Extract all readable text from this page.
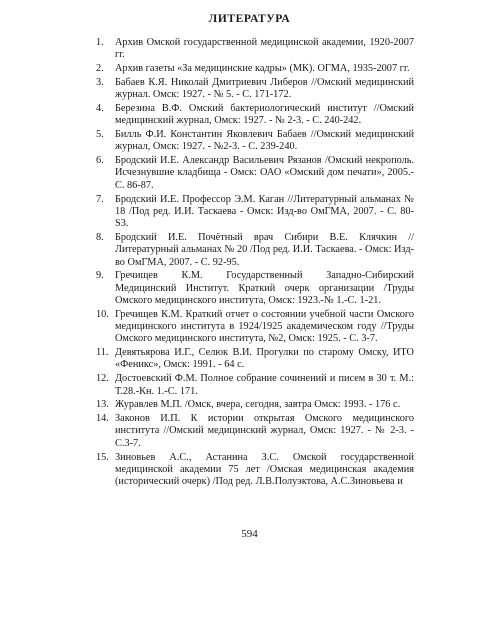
ЛИТЕРАТУРА
1.	Архив Омской государственной медицинской академии, 1920-2007 гг.
2.	Архив газеты «За медицинские кадры» (МК). ОГМА, 1935-2007 гг.
3.	Бабаев К.Я. Николай Дмитриевич Либеров //Омский медицинский журнал. Омск: 1927. - № 5. - С. 171-172.
4.	Березина В.Ф. Омский бактериологический институт //Омский медицинский журнал, Омск: 1927. - № 2-3. - С. 240-242.
5.	Билль Ф.И. Константин Яковлевич Бабаев //Омский медицинский журнал, Омск: 1927. - №2-3. - С. 239-240.
6.	Бродский И.Е. Александр Васильевич Рязанов /Омский некрополь. Исчезнувшие кладбища - Омск: ОАО «Омский дом печати», 2005.-С. 86-87.
7.	Бродский И.Е. Профессор Э.М. Каган //Литературный альманах № 18 /Под ред. И.И. Таскаева - Омск: Изд-во ОмГМА, 2007. - С. 80-S3.
8.	Бродский И.Е. Почётный врач Сибири В.Е. Клячкин //Литературный альманах № 20 /Под ред. И.И. Таскаева. - Омск: Изд-во ОмГМА, 2007. - С. 92-95.
9.	Гречищев К.М. Государственный Западно-Сибирский Медицинский Институт. Краткий очерк организации /Труды Омского медицинского института, Омск: 1923.-№ 1.-С. 1-21.
10. Гречищев К.М. Краткий отчет о состоянии учебной части Омского медицинского института в 1924/1925 академическом году //Труды Омского медицинского института, №2, Омск: 1925. - С. 3-7.
11. Девятьярова И.Г., Селюк В.И. Прогулки по старому Омску, ИТО «Феникс», Омск: 1991. - 64 с.
12. Достоевский Ф.М. Полное собрание сочинений и писем в 30 т. М.: Т.28.-Кн. 1.-С. 171.
13. Журавлев М.П. /Омск, вчера, сегодня, завтра Омск: 1993. - 176 с.
14. Законов И.П. К истории открытая Омского медицинского института //Омский медицинский журнал, Омск: 1927. - № 2-3. - С.3-7.
15. Зиновьев А.С., Астанина З.С. Омской государственной медицинской академии 75 лет /Омская медицинская академия (исторический очерк) /Под ред. Л.В.Полуэктова, А.С.Зиновьева и
594
